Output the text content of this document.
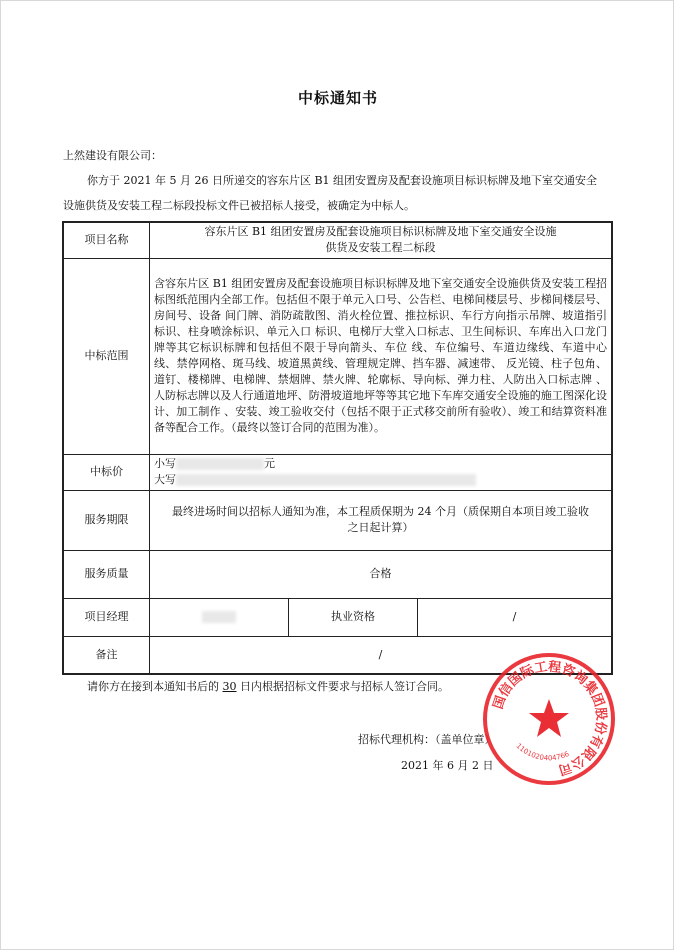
中标通知书
上然建设有限公司：
你方于 2021 年 5 月 26 日所递交的容东片区 B1 组团安置房及配套设施项目标识标牌及地下室交通安全
设施供货及安装工程二标段投标文件已被招标人接受，被确定为中标人。
项目名称	容东片区 B1 组团安置房及配套设施项目标识标牌及地下室交通安全设施
供货及安装工程二标段		

中标范围	含容东片区 B1 组团安置房及配套设施项目标识标牌及地下室交通安全设施供货及安装工程招标图纸范围内全部工作。包括但不限于单元入口号、公告栏、电梯间楼层号、步梯间楼层号、房间号、设备 间门牌、消防疏散图、消火栓位置、推拉标识、车行方向指示吊牌、坡道指引标识、柱身喷涂标识、单元入口 标识、电梯厅大堂入口标志、卫生间标识、车库出入口龙门牌等其它标识标牌和包括但不限于导向箭头、车位 线、车位编号、车道边缘线、车道中心线、禁停网格、斑马线、坡道黑黄线、管理规定牌、挡车器、减速带、 反光镜、柱子包角、道钉、楼梯牌、电梯牌、禁烟牌、禁火牌、轮廓标、导向标、弹力柱、人防出入口标志牌 、人防标志牌以及人行通道地坪、防滑坡道地坪等等其它地下车库交通安全设施的施工图深化设计、加工制作 、安装、竣工验收交付（包括不限于正式移交前所有验收）、竣工和结算资料准备等配合工作。（最终以签订合同的范围为准）。		
中标价	小写 元
大写		

服务期限	最终进场时间以招标人通知为准，本工程质保期为 24 个月（质保期自本项目竣工验收
之日起计算）		

服务质量	合格		
项目经理		执业资格	/
备注	/		
请你方在接到本通知书后的 30 日内根据招标文件要求与招标人签订合同。
招标代理机构：（盖单位章）
2021 年 6 月 2 日
国信国际工程咨询集团股份有限公司
1101020404766
